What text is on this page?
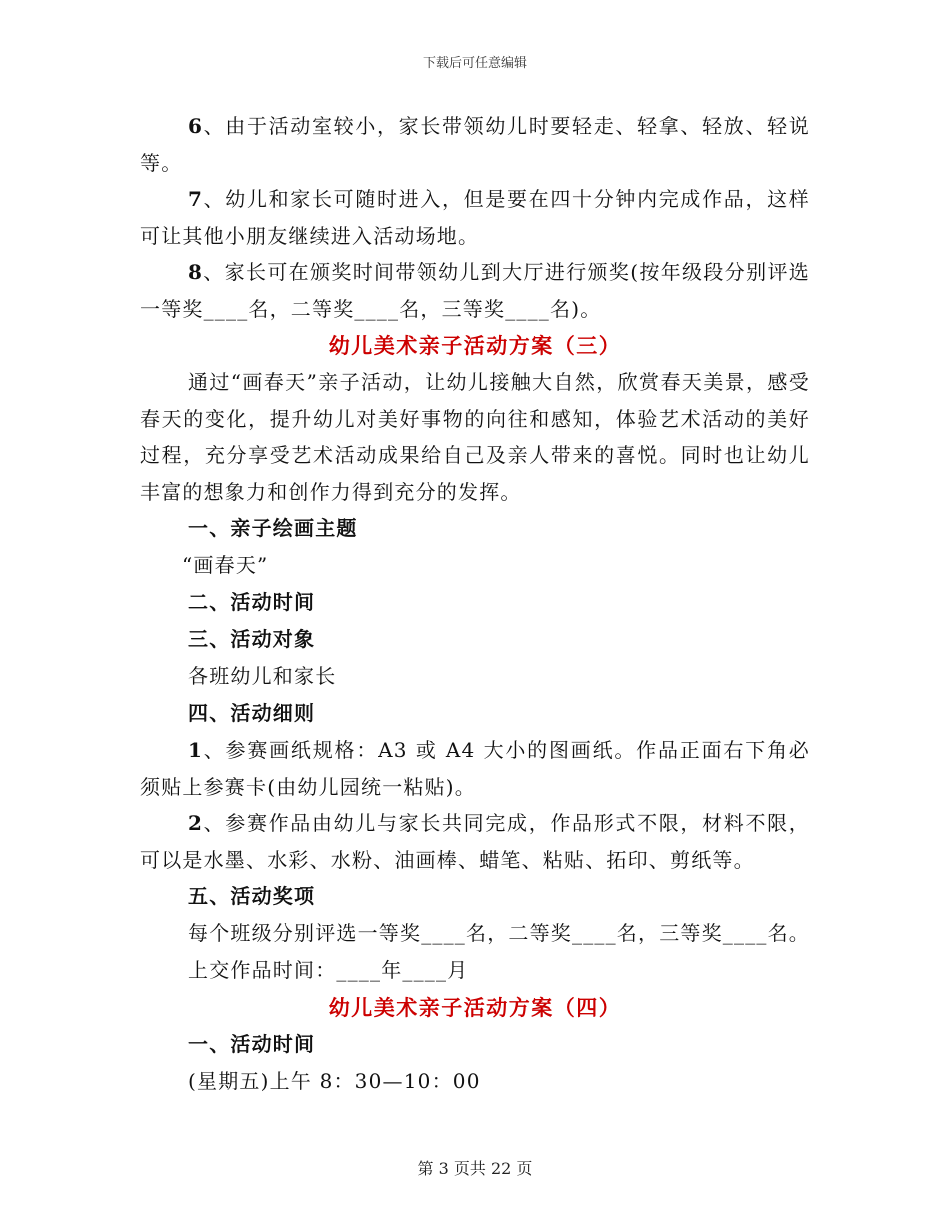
下载后可任意编辑

6、由于活动室较小，家长带领幼儿时要轻走、轻拿、轻放、轻说等。

7、幼儿和家长可随时进入，但是要在四十分钟内完成作品，这样可让其他小朋友继续进入活动场地。

8、家长可在颁奖时间带领幼儿到大厅进行颁奖(按年级段分别评选一等奖____名，二等奖____名，三等奖____名)。

幼儿美术亲子活动方案（三）

通过“画春天”亲子活动，让幼儿接触大自然，欣赏春天美景，感受春天的变化，提升幼儿对美好事物的向往和感知，体验艺术活动的美好过程，充分享受艺术活动成果给自己及亲人带来的喜悦。同时也让幼儿丰富的想象力和创作力得到充分的发挥。

一、亲子绘画主题

“画春天”

二、活动时间

三、活动对象

各班幼儿和家长

四、活动细则

1、参赛画纸规格：A3 或 A4 大小的图画纸。作品正面右下角必须贴上参赛卡(由幼儿园统一粘贴)。

2、参赛作品由幼儿与家长共同完成，作品形式不限，材料不限，可以是水墨、水彩、水粉、油画棒、蜡笔、粘贴、拓印、剪纸等。

五、活动奖项

每个班级分别评选一等奖____名，二等奖____名，三等奖____名。

上交作品时间：____年____月

幼儿美术亲子活动方案（四）

一、活动时间

(星期五)上午 8：30—10：00

第 3 页共 22 页
